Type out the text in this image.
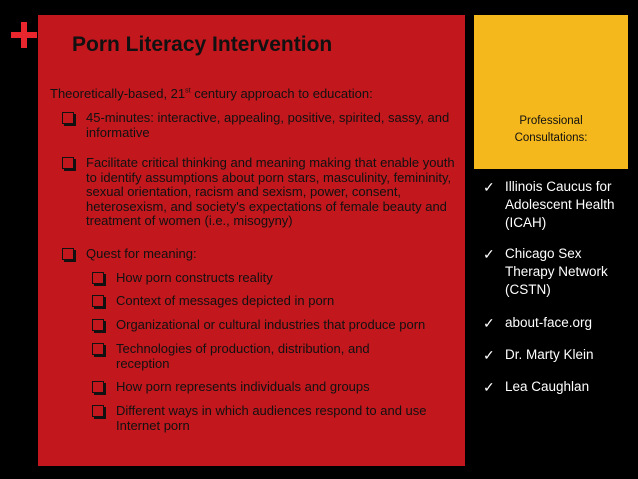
Porn Literacy Intervention
Theoretically-based, 21st century approach to education:
45-minutes: interactive, appealing, positive, spirited, sassy, and informative
Facilitate critical thinking and meaning making that enable youth to identify assumptions about porn stars, masculinity, femininity, sexual orientation, racism and sexism, power, consent, heterosexism, and society's expectations of female beauty and treatment of women (i.e., misogyny)
Quest for meaning:
How porn constructs reality
Context of messages depicted in porn
Organizational or cultural industries that produce porn
Technologies of production, distribution, and reception
How porn represents individuals and groups
Different ways in which audiences respond to and use Internet porn
Professional
Consultations:
✓ Illinois Caucus for Adolescent Health (ICAH)
✓ Chicago Sex Therapy Network (CSTN)
✓ about-face.org
✓ Dr. Marty Klein
✓ Lea Caughlan
